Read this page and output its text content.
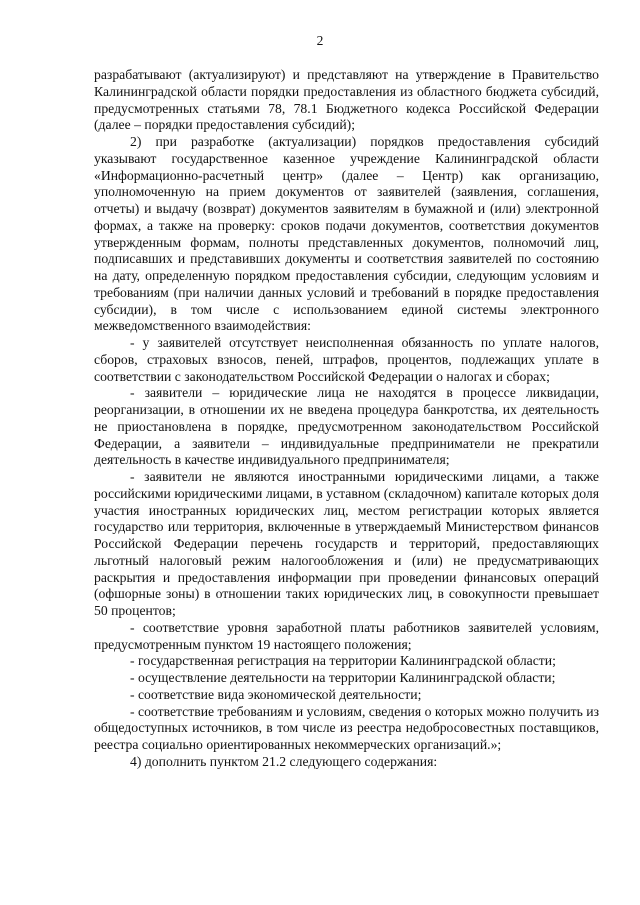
2

разрабатывают (актуализируют) и представляют на утверждение в Правительство Калининградской области порядки предоставления из областного бюджета субсидий, предусмотренных статьями 78, 78.1 Бюджетного кодекса Российской Федерации (далее – порядки предоставления субсидий);

2) при разработке (актуализации) порядков предоставления субсидий указывают государственное казенное учреждение Калининградской области «Информационно-расчетный центр» (далее – Центр) как организацию, уполномоченную на прием документов от заявителей (заявления, соглашения, отчеты) и выдачу (возврат) документов заявителям в бумажной и (или) электронной формах, а также на проверку: сроков подачи документов, соответствия документов утвержденным формам, полноты представленных документов, полномочий лиц, подписавших и представивших документы и соответствия заявителей по состоянию на дату, определенную порядком предоставления субсидии, следующим условиям и требованиям (при наличии данных условий и требований в порядке предоставления субсидии), в том числе с использованием единой системы электронного межведомственного взаимодействия:

- у заявителей отсутствует неисполненная обязанность по уплате налогов, сборов, страховых взносов, пеней, штрафов, процентов, подлежащих уплате в соответствии с законодательством Российской Федерации о налогах и сборах;

- заявители – юридические лица не находятся в процессе ликвидации, реорганизации, в отношении их не введена процедура банкротства, их деятельность не приостановлена в порядке, предусмотренном законодательством Российской Федерации, а заявители – индивидуальные предприниматели не прекратили деятельность в качестве индивидуального предпринимателя;

- заявители не являются иностранными юридическими лицами, а также российскими юридическими лицами, в уставном (складочном) капитале которых доля участия иностранных юридических лиц, местом регистрации которых является государство или территория, включенные в утверждаемый Министерством финансов Российской Федерации перечень государств и территорий, предоставляющих льготный налоговый режим налогообложения и (или) не предусматривающих раскрытия и предоставления информации при проведении финансовых операций (офшорные зоны) в отношении таких юридических лиц, в совокупности превышает 50 процентов;

- соответствие уровня заработной платы работников заявителей условиям, предусмотренным пунктом 19 настоящего положения;

- государственная регистрация на территории Калининградской области;

- осуществление деятельности на территории Калининградской области;

- соответствие вида экономической деятельности;

- соответствие требованиям и условиям, сведения о которых можно получить из общедоступных источников, в том числе из реестра недобросовестных поставщиков, реестра социально ориентированных некоммерческих организаций.»;

4) дополнить пунктом 21.2 следующего содержания:
